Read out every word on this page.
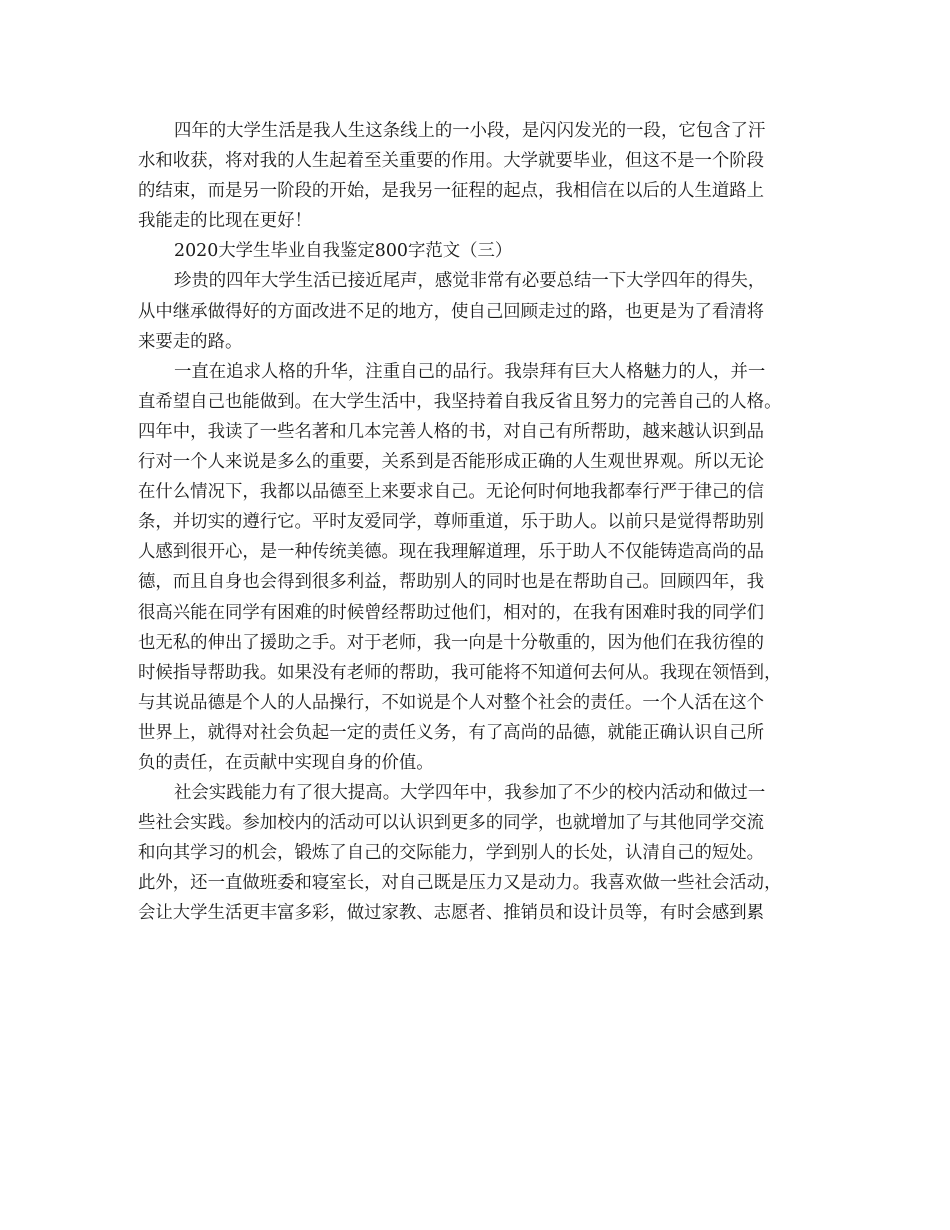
四年的大学生活是我人生这条线上的一小段，是闪闪发光的一段，它包含了汗
水和收获，将对我的人生起着至关重要的作用。大学就要毕业，但这不是一个阶段
的结束，而是另一阶段的开始，是我另一征程的起点，我相信在以后的人生道路上
我能走的比现在更好！
2020大学生毕业自我鉴定800字范文（三）
珍贵的四年大学生活已接近尾声，感觉非常有必要总结一下大学四年的得失，
从中继承做得好的方面改进不足的地方，使自己回顾走过的路，也更是为了看清将
来要走的路。
一直在追求人格的升华，注重自己的品行。我崇拜有巨大人格魅力的人，并一
直希望自己也能做到。在大学生活中，我坚持着自我反省且努力的完善自己的人格。
四年中，我读了一些名著和几本完善人格的书，对自己有所帮助，越来越认识到品
行对一个人来说是多么的重要，关系到是否能形成正确的人生观世界观。所以无论
在什么情况下，我都以品德至上来要求自己。无论何时何地我都奉行严于律己的信
条，并切实的遵行它。平时友爱同学，尊师重道，乐于助人。以前只是觉得帮助别
人感到很开心，是一种传统美德。现在我理解道理，乐于助人不仅能铸造高尚的品
德，而且自身也会得到很多利益，帮助别人的同时也是在帮助自己。回顾四年，我
很高兴能在同学有困难的时候曾经帮助过他们，相对的，在我有困难时我的同学们
也无私的伸出了援助之手。对于老师，我一向是十分敬重的，因为他们在我彷徨的
时候指导帮助我。如果没有老师的帮助，我可能将不知道何去何从。我现在领悟到，
与其说品德是个人的人品操行，不如说是个人对整个社会的责任。一个人活在这个
世界上，就得对社会负起一定的责任义务，有了高尚的品德，就能正确认识自己所
负的责任，在贡献中实现自身的价值。
社会实践能力有了很大提高。大学四年中，我参加了不少的校内活动和做过一
些社会实践。参加校内的活动可以认识到更多的同学，也就增加了与其他同学交流
和向其学习的机会，锻炼了自己的交际能力，学到别人的长处，认清自己的短处。
此外，还一直做班委和寝室长，对自己既是压力又是动力。我喜欢做一些社会活动，
会让大学生活更丰富多彩，做过家教、志愿者、推销员和设计员等，有时会感到累
